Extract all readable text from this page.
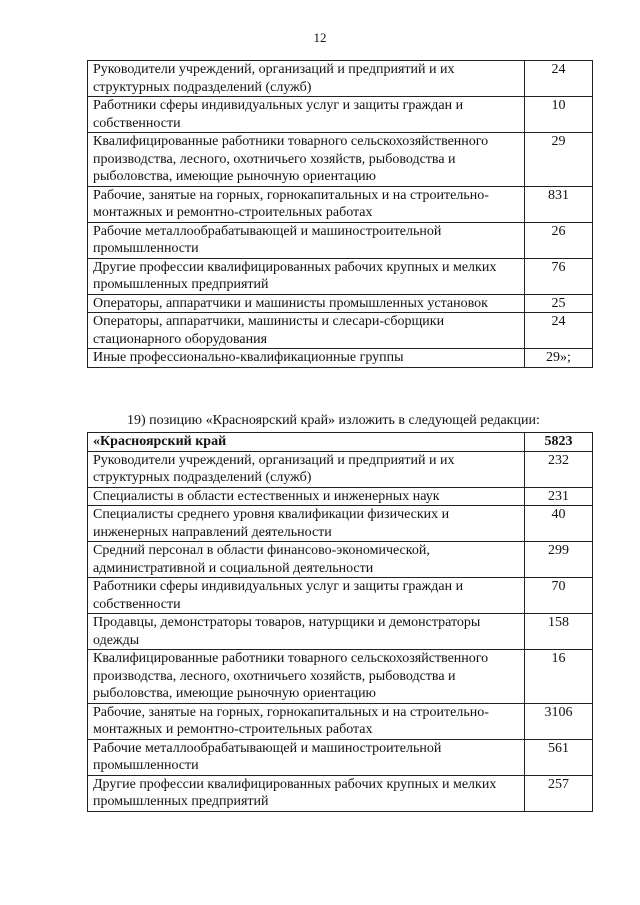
12
Руководители учреждений, организаций и предприятий и их структурных подразделений (служб)	24
Работники сферы индивидуальных услуг и защиты граждан и собственности	10
Квалифицированные работники товарного сельскохозяйственного производства, лесного, охотничьего хозяйств, рыбоводства и рыболовства, имеющие рыночную ориентацию	29
Рабочие, занятые на горных, горнокапитальных и на строительно-монтажных и ремонтно-строительных работах	831
Рабочие металлообрабатывающей и машиностроительной промышленности	26
Другие профессии квалифицированных рабочих крупных и мелких промышленных предприятий	76
Операторы, аппаратчики и машинисты промышленных установок	25
Операторы, аппаратчики, машинисты и слесари-сборщики стационарного оборудования	24
Иные профессионально-квалификационные группы	29»;
19) позицию «Красноярский край» изложить в следующей редакции:
«Красноярский край	5823
Руководители учреждений, организаций и предприятий и их структурных подразделений (служб)	232
Специалисты в области естественных и инженерных наук	231
Специалисты среднего уровня квалификации физических и инженерных направлений деятельности	40
Средний персонал в области финансово-экономической, административной и социальной деятельности	299
Работники сферы индивидуальных услуг и защиты граждан и собственности	70
Продавцы, демонстраторы товаров, натурщики и демонстраторы одежды	158
Квалифицированные работники товарного сельскохозяйственного производства, лесного, охотничьего хозяйств, рыбоводства и рыболовства, имеющие рыночную ориентацию	16
Рабочие, занятые на горных, горнокапитальных и на строительно-монтажных и ремонтно-строительных работах	3106
Рабочие металлообрабатывающей и машиностроительной промышленности	561
Другие профессии квалифицированных рабочих крупных и мелких промышленных предприятий	257
